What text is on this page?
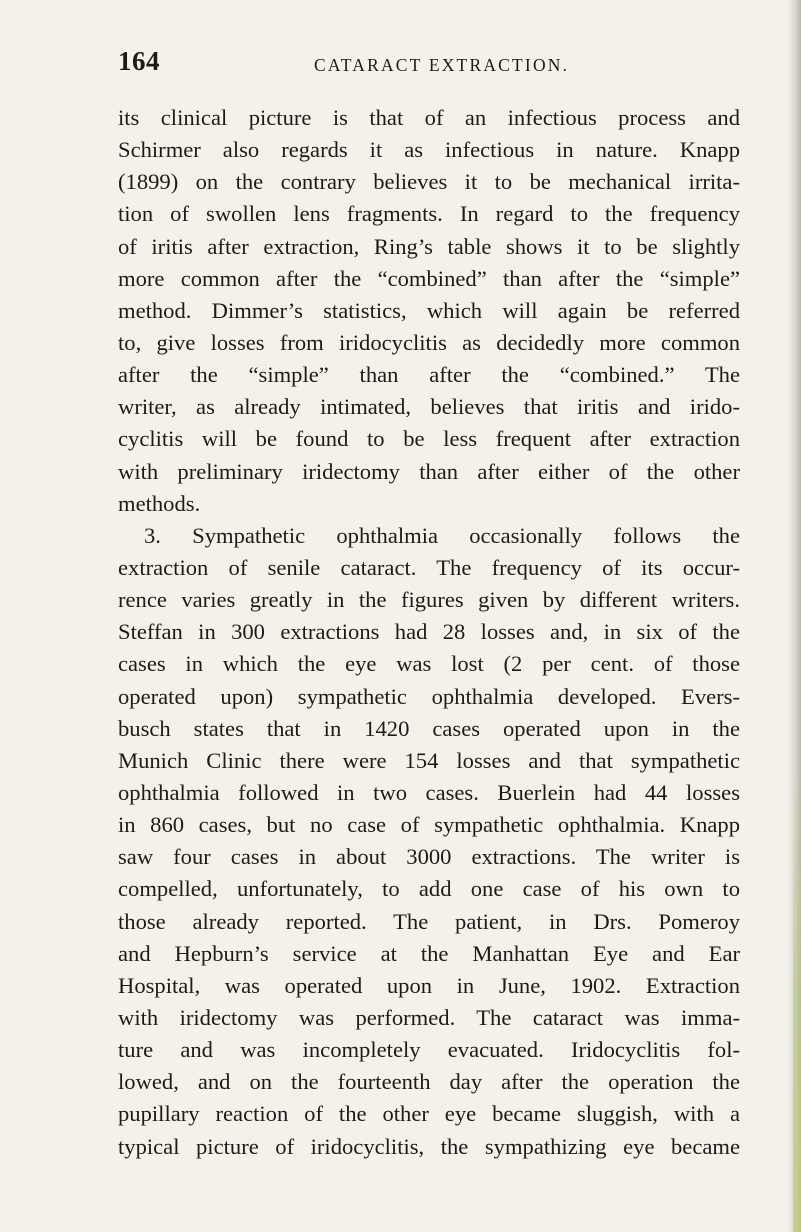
164	CATARACT EXTRACTION.
its clinical picture is that of an infectious process and
Schirmer also regards it as infectious in nature. Knapp
(1899) on the contrary believes it to be mechanical irrita-
tion of swollen lens fragments. In regard to the frequency
of iritis after extraction, Ring’s table shows it to be slightly
more common after the “combined” than after the “simple”
method. Dimmer’s statistics, which will again be referred
to, give losses from iridocyclitis as decidedly more common
after the “simple” than after the “combined.” The
writer, as already intimated, believes that iritis and irido-
cyclitis will be found to be less frequent after extraction
with preliminary iridectomy than after either of the other
methods.
3. Sympathetic ophthalmia occasionally follows the
extraction of senile cataract. The frequency of its occur-
rence varies greatly in the figures given by different writers.
Steffan in 300 extractions had 28 losses and, in six of the
cases in which the eye was lost (2 per cent. of those
operated upon) sympathetic ophthalmia developed. Evers-
busch states that in 1420 cases operated upon in the
Munich Clinic there were 154 losses and that sympathetic
ophthalmia followed in two cases. Buerlein had 44 losses
in 860 cases, but no case of sympathetic ophthalmia. Knapp
saw four cases in about 3000 extractions. The writer is
compelled, unfortunately, to add one case of his own to
those already reported. The patient, in Drs. Pomeroy
and Hepburn’s service at the Manhattan Eye and Ear
Hospital, was operated upon in June, 1902. Extraction
with iridectomy was performed. The cataract was imma-
ture and was incompletely evacuated. Iridocyclitis fol-
lowed, and on the fourteenth day after the operation the
pupillary reaction of the other eye became sluggish, with a
typical picture of iridocyclitis, the sympathizing eye became
